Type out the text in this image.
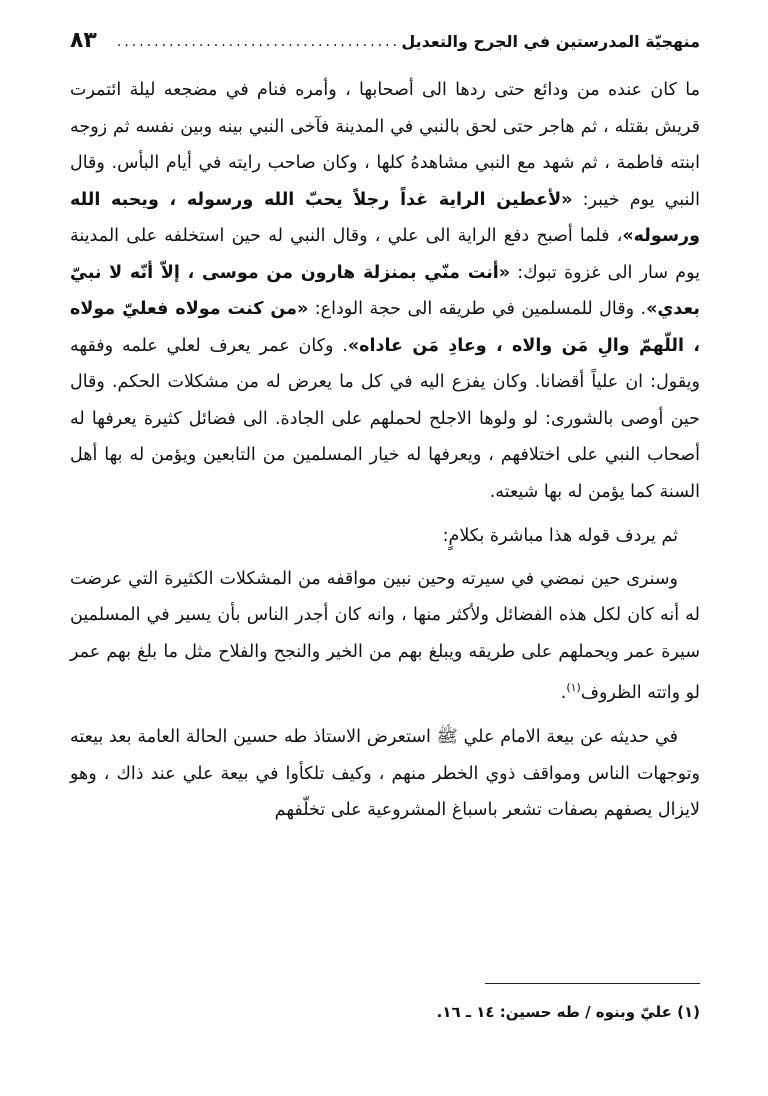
منهجيّة المدرستين في الجرح والتعديل
......................................
٨٣

ما كان عنده من ودائع حتى ردها الى أصحابها ، وأمره فنام في مضجعه ليلة ائتمرت قريش بقتله ، ثم هاجر حتى لحق بالنبي في المدينة فآخى النبي بينه وبين نفسه ثم زوجه ابنته فاطمة ، ثم شهد مع النبي مشاهدهُ كلها ، وكان صاحب رايته في أيام البأس. وقال النبي يوم خيبر: «لأعطين الراية غداً رجلاً يحبّ الله ورسوله ، ويحبه الله ورسوله»، فلما أصبح دفع الراية الى علي ، وقال النبي له حين استخلفه على المدينة يوم سار الى غزوة تبوك: «أنت منّي بمنزلة هارون من موسى ، إلاّ أنّه لا نبيّ بعدي». وقال للمسلمين في طريقه الى حجة الوداع: «من كنت مولاه فعليّ مولاه ، اللّهمّ والِ مَن والاه ، وعادِ مَن عاداه». وكان عمر يعرف لعلي علمه وفقهه ويقول: ان علياً أقضانا. وكان يفزع اليه في كل ما يعرض له من مشكلات الحكم. وقال حين أوصى بالشورى: لو ولوها الاجلح لحملهم على الجادة. الى فضائل كثيرة يعرفها له أصحاب النبي على اختلافهم ، ويعرفها له خيار المسلمين من التابعين ويؤمن له بها أهل السنة كما يؤمن له بها شيعته.

ثم يردف قوله هذا مباشرة بكلامٍ:

وسنرى حين نمضي في سيرته وحين نبين مواقفه من المشكلات الكثيرة التي عرضت له أنه كان لكل هذه الفضائل ولأكثر منها ، وانه كان أجدر الناس بأن يسير في المسلمين سيرة عمر ويحملهم على طريقه ويبلغ بهم من الخير والنجح والفلاح مثل ما بلغ بهم عمر لو واتته الظروف$^{(١)}$.

في حديثه عن بيعة الامام علي ﷺ استعرض الاستاذ طه حسين الحالة العامة بعد بيعته وتوجهات الناس ومواقف ذوي الخطر منهم ، وكيف تلكأوا في بيعة علي عند ذاك ، وهو لايزال يصفهم بصفات تشعر باسباغ المشروعية على تخلّفهم

(١) عليّ وبنوه / طه حسين: ١٤ ـ ١٦.
